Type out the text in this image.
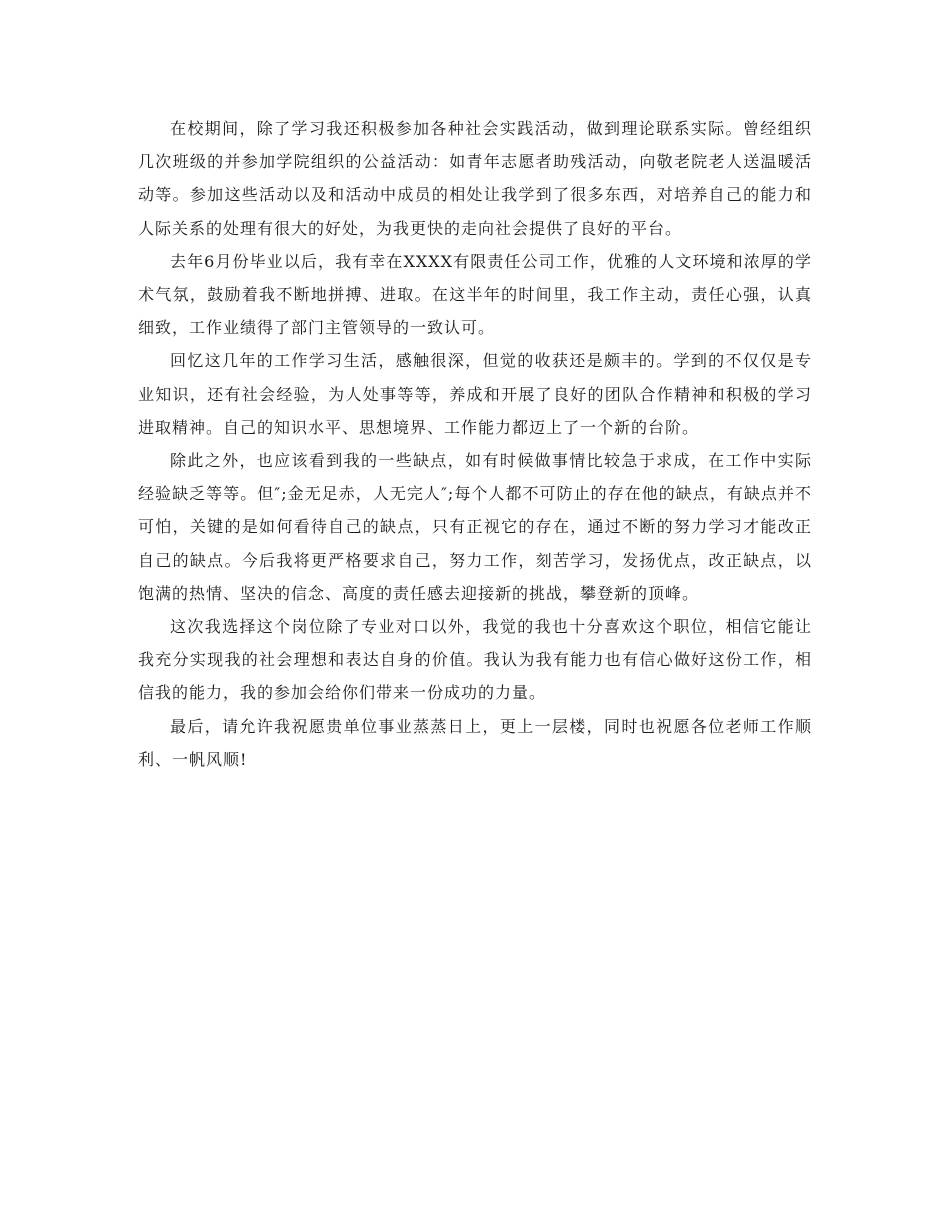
在校期间，除了学习我还积极参加各种社会实践活动，做到理论联系实际。曾经组织几次班级的并参加学院组织的公益活动：如青年志愿者助残活动，向敬老院老人送温暖活动等。参加这些活动以及和活动中成员的相处让我学到了很多东西，对培养自己的能力和人际关系的处理有很大的好处，为我更快的走向社会提供了良好的平台。

去年6月份毕业以后，我有幸在XXXX有限责任公司工作，优雅的人文环境和浓厚的学术气氛，鼓励着我不断地拼搏、进取。在这半年的时间里，我工作主动，责任心强，认真细致，工作业绩得了部门主管领导的一致认可。

回忆这几年的工作学习生活，感触很深，但觉的收获还是颇丰的。学到的不仅仅是专业知识，还有社会经验，为人处事等等，养成和开展了良好的团队合作精神和积极的学习进取精神。自己的知识水平、思想境界、工作能力都迈上了一个新的台阶。

除此之外，也应该看到我的一些缺点，如有时候做事情比较急于求成，在工作中实际经验缺乏等等。但″;金无足赤，人无完人″;每个人都不可防止的存在他的缺点，有缺点并不可怕，关键的是如何看待自己的缺点，只有正视它的存在，通过不断的努力学习才能改正自己的缺点。今后我将更严格要求自己，努力工作，刻苦学习，发扬优点，改正缺点，以饱满的热情、坚决的信念、高度的责任感去迎接新的挑战，攀登新的顶峰。

这次我选择这个岗位除了专业对口以外，我觉的我也十分喜欢这个职位，相信它能让我充分实现我的社会理想和表达自身的价值。我认为我有能力也有信心做好这份工作，相信我的能力，我的参加会给你们带来一份成功的力量。

最后，请允许我祝愿贵单位事业蒸蒸日上，更上一层楼，同时也祝愿各位老师工作顺利、一帆风顺!
